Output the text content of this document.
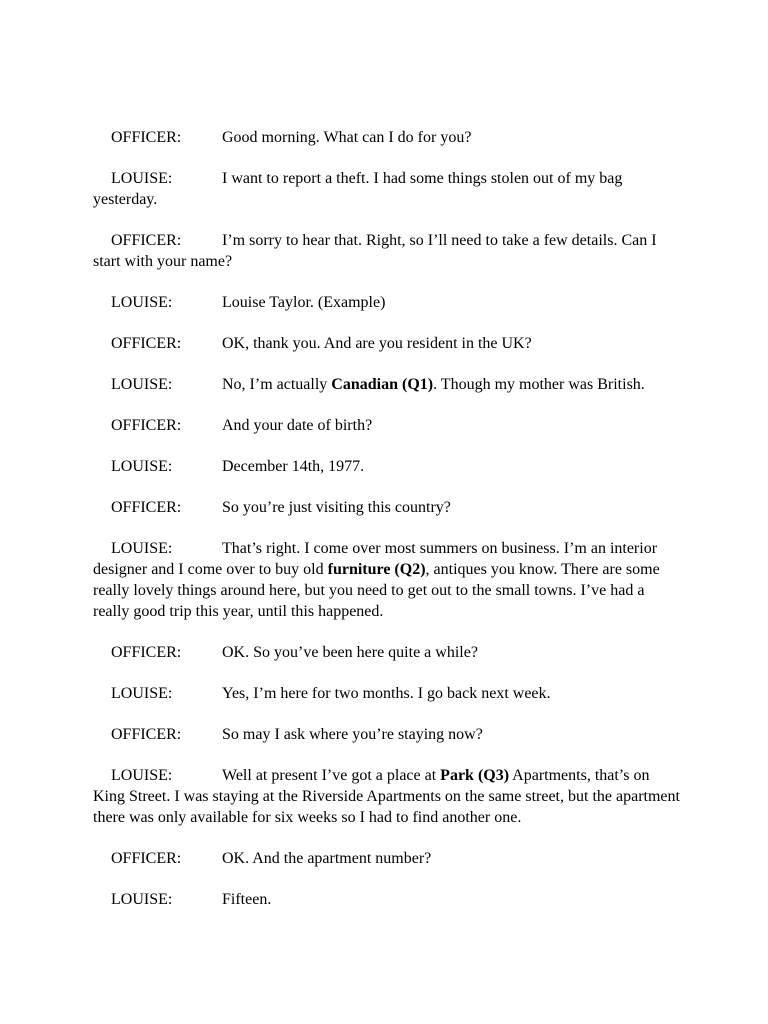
OFFICER:	Good morning. What can I do for you?

LOUISE:	I want to report a theft. I had some things stolen out of my bag yesterday.

OFFICER:	I’m sorry to hear that. Right, so I’ll need to take a few details. Can I start with your name?

LOUISE:	Louise Taylor. (Example)

OFFICER:	OK, thank you. And are you resident in the UK?

LOUISE:	No, I’m actually Canadian (Q1). Though my mother was British.

OFFICER:	And your date of birth?

LOUISE:	December 14th, 1977.

OFFICER:	So you’re just visiting this country?

LOUISE:	That’s right. I come over most summers on business. I’m an interior designer and I come over to buy old furniture (Q2), antiques you know. There are some really lovely things around here, but you need to get out to the small towns. I’ve had a really good trip this year, until this happened.

OFFICER:	OK. So you’ve been here quite a while?

LOUISE:	Yes, I’m here for two months. I go back next week.

OFFICER:	So may I ask where you’re staying now?

LOUISE:	Well at present I’ve got a place at Park (Q3) Apartments, that’s on King Street. I was staying at the Riverside Apartments on the same street, but the apartment there was only available for six weeks so I had to find another one.

OFFICER:	OK. And the apartment number?

LOUISE:	Fifteen.
